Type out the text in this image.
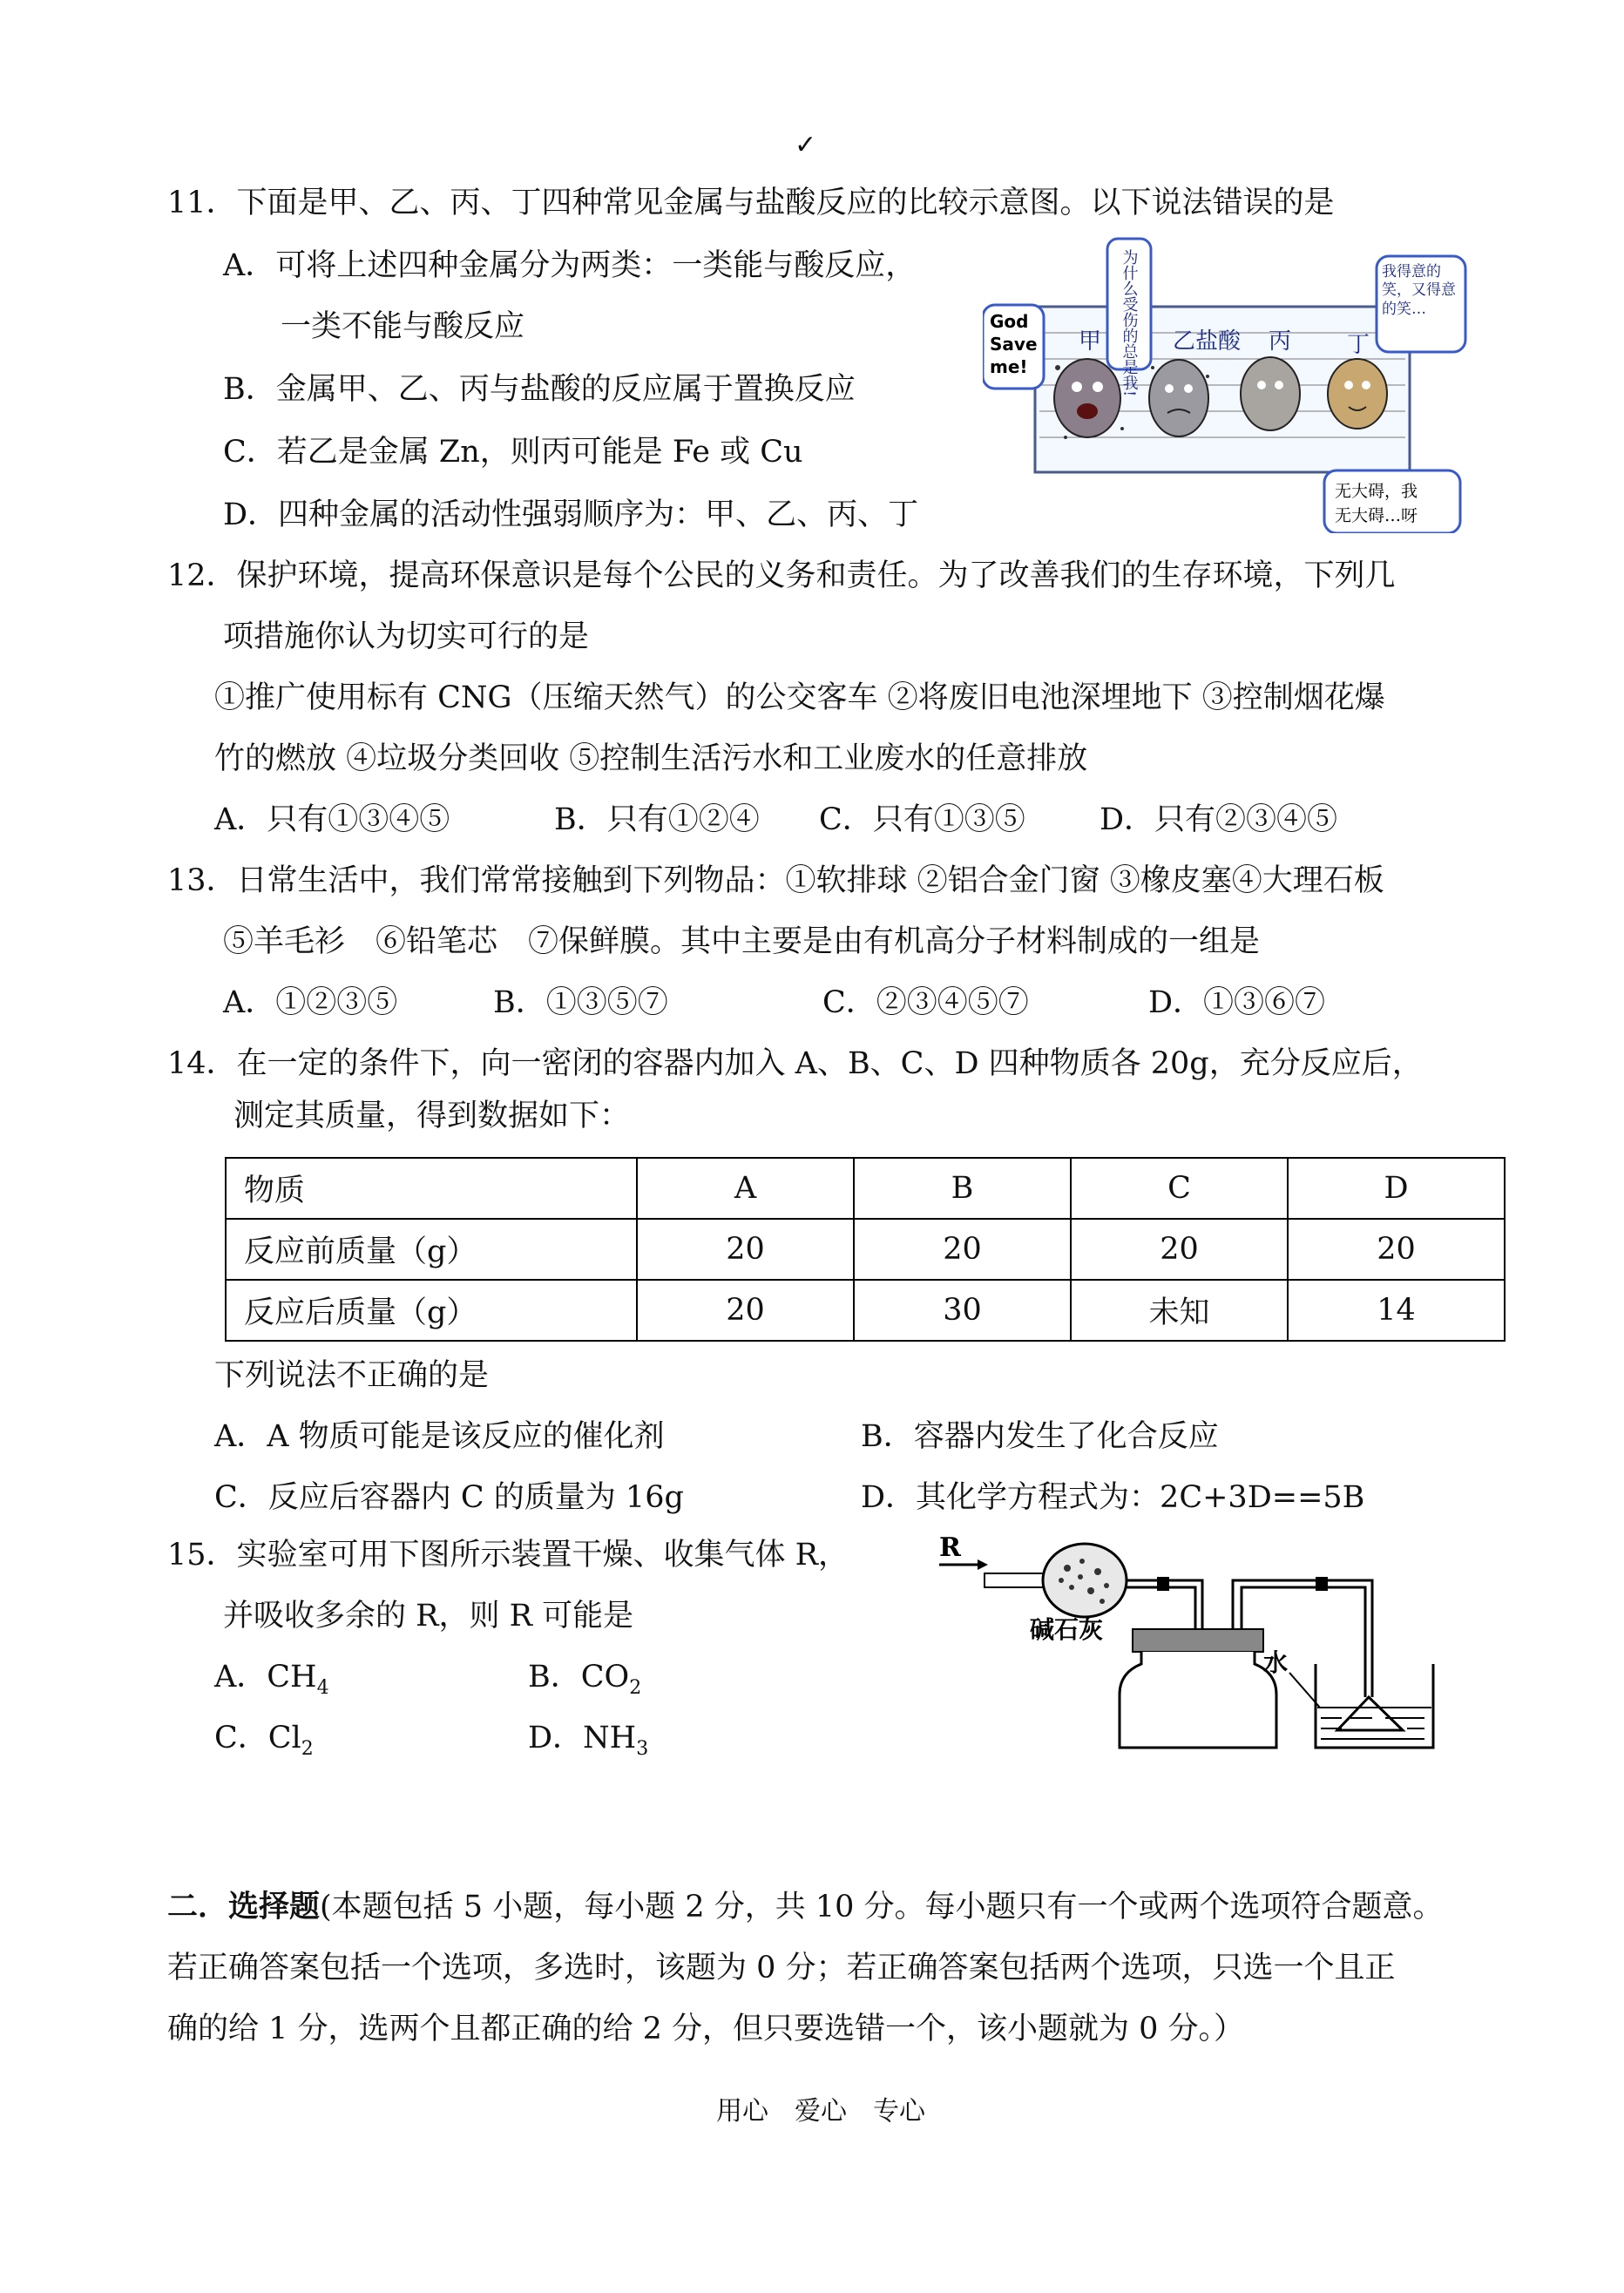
✓
11．下面是甲、乙、丙、丁四种常见金属与盐酸反应的比较示意图。以下说法错误的是
A．可将上述四种金属分为两类：一类能与酸反应，
一类不能与酸反应
B．金属甲、乙、丙与盐酸的反应属于置换反应
C．若乙是金属 Zn，则丙可能是 Fe 或 Cu
D．四种金属的活动性强弱顺序为：甲、乙、丙、丁
甲	乙盐酸 丙 丁
God
Save
me!	为什么受伤的总是我!	我得意的笑，又得意的笑…
无大碍，我
无大碍…呀
12．保护环境，提高环保意识是每个公民的义务和责任。为了改善我们的生存环境，下列几
项措施你认为切实可行的是
①推广使用标有 CNG（压缩天然气）的公交客车 ②将废旧电池深埋地下 ③控制烟花爆
竹的燃放 ④垃圾分类回收 ⑤控制生活污水和工业废水的任意排放
A．只有①③④⑤	B．只有①②④ C．只有①③⑤ D．只有②③④⑤
13．日常生活中，我们常常接触到下列物品：①软排球 ②铝合金门窗 ③橡皮塞④大理石板
⑤羊毛衫　⑥铅笔芯　⑦保鲜膜。其中主要是由有机高分子材料制成的一组是
A．①②③⑤	B．①③⑤⑦	C．②③④⑤⑦	D．①③⑥⑦
14．在一定的条件下，向一密闭的容器内加入 A、B、C、D 四种物质各 20g，充分反应后，
测定其质量，得到数据如下：
物质	A	B	C	D
反应前质量（g）	20	20	20	20
反应后质量（g）	20	30	未知	14
下列说法不正确的是
A．A 物质可能是该反应的催化剂	B．容器内发生了化合反应
C．反应后容器内 C 的质量为 16g	D．其化学方程式为：2C+3D==5B
15．实验室可用下图所示装置干燥、收集气体 R，
并吸收多余的 R，则 R 可能是
A．$CH_4$	B．$CO_2$
C．$Cl_2$	D．$NH_3$
R
碱石灰
水
二．选择题(本题包括 5 小题，每小题 2 分，共 10 分。每小题只有一个或两个选项符合题意。
若正确答案包括一个选项，多选时，该题为 0 分；若正确答案包括两个选项，只选一个且正
确的给 1 分，选两个且都正确的给 2 分，但只要选错一个，该小题就为 0 分。）
用心　爱心　专心
